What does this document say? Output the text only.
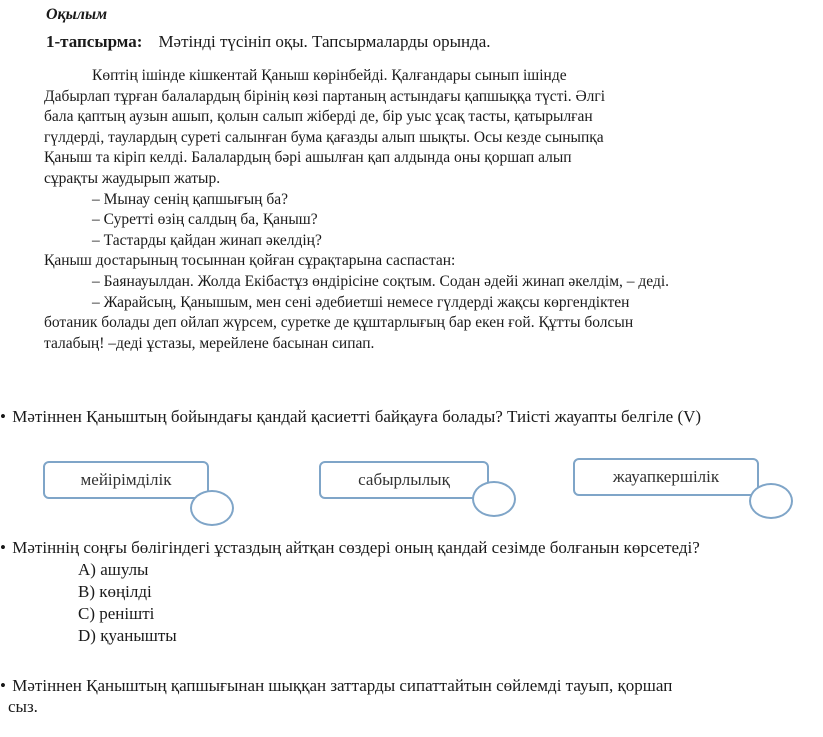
Оқылым
1-тапсырма: Мәтінді түсініп оқы. Тапсырмаларды орында.

Көптің ішінде кішкентай Қаныш көрінбейді. Қалғандары сынып ішінде

Дабырлап тұрған балалардың бірінің көзі партаның астындағы қапшыққа түсті. Әлгі

бала қаптың аузын ашып, қолын салып жіберді де, бір уыс ұсақ тасты, қатырылған

гүлдерді, таулардың суреті салынған бума қағазды алып шықты. Осы кезде сыныпқа

Қаныш та кіріп келді. Балалардың бәрі ашылған қап алдында оны қоршап алып

сұрақты жаудырып жатыр.

– Мынау сенің қапшығың ба?

– Суретті өзің салдың ба, Қаныш?

– Тастарды қайдан жинап әкелдің?

Қаныш достарының тосыннан қойған сұрақтарына саспастан:

– Баянауылдан. Жолда Екібастұз өндірісіне соқтым. Содан әдейі жинап әкелдім, – деді.

– Жарайсың, Қанышым, мен сені әдебиетші немесе гүлдерді жақсы көргендіктен

ботаник болады деп ойлап жүрсем, суретке де құштарлығың бар екен ғой. Құтты болсын

талабың! –деді ұстазы, мерейлене басынан сипап.

• Мәтіннен Қаныштың бойындағы қандай қасиетті байқауға болады? Тиісті жауапты белгіле (V)
мейірімділік	сабырлылық	жауапкершілік
• Мәтіннің соңғы бөлігіндегі ұстаздың айтқан сөздері оның қандай сезімде болғанын көрсетеді?
A) ашулы
B) көңілді
C) ренішті
D) қуанышты
• Мәтіннен Қаныштың қапшығынан шыққан заттарды сипаттайтын сөйлемді тауып, қоршап
сыз.
